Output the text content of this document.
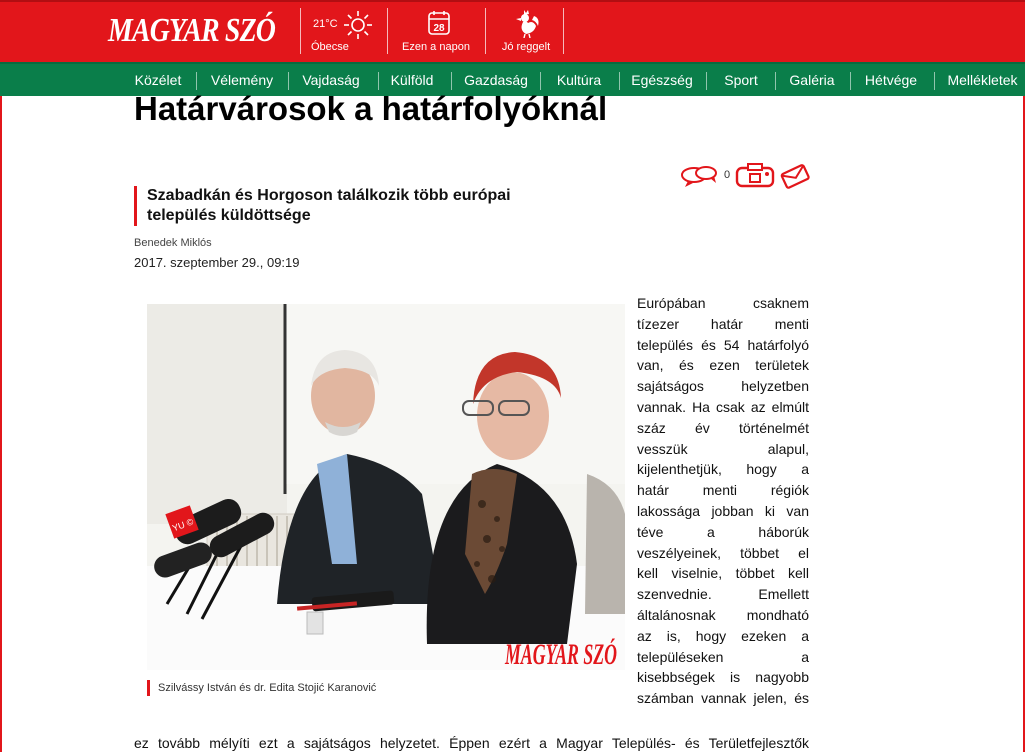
MAGYAR SZÓ	21°C
Óbecse
28
Ezen a napon	Jó reggelt
Közélet	Vélemény	Vajdaság	Külföld	Gazdaság	Kultúra	Egészség	Sport	Galéria	Hétvége	Mellékletek
Határvárosok a határfolyóknál
0
Szabadkán és Horgoson találkozik több európai település küldöttsége
Benedek Miklós
2017. szeptember 29., 09:19
YU ©
MAGYAR SZÓ
Szilvássy István és dr. Edita Stojić Karanović
Európában csaknem
tízezer határ menti
település és 54 határfolyó
van, és ezen területek
sajátságos helyzetben
vannak. Ha csak az elmúlt
száz év történelmét
vesszük alapul,
kijelenthetjük, hogy a
határ menti régiók
lakossága jobban ki van
téve a háborúk
veszélyeinek, többet el
kell viselnie, többet kell
szenvednie. Emellett
általánosnak mondható
az is, hogy ezeken a
településeken a
kisebbségek is nagyobb
számban vannak jelen, és
ez tovább mélyíti ezt a sajátságos helyzetet. Éppen ezért a Magyar Település- és Területfejlesztők
